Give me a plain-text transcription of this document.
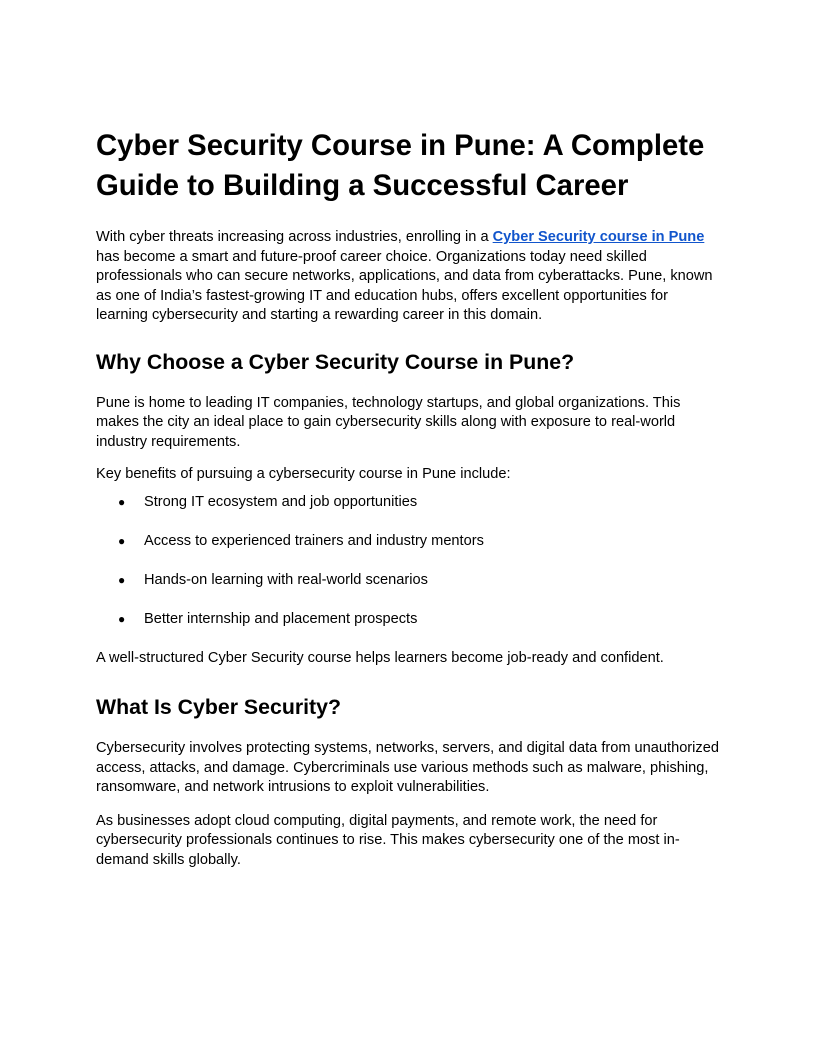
Cyber Security Course in Pune: A Complete Guide to Building a Successful Career

With cyber threats increasing across industries, enrolling in a Cyber Security course in Pune has become a smart and future-proof career choice. Organizations today need skilled professionals who can secure networks, applications, and data from cyberattacks. Pune, known as one of India’s fastest-growing IT and education hubs, offers excellent opportunities for learning cybersecurity and starting a rewarding career in this domain.

Why Choose a Cyber Security Course in Pune?

Pune is home to leading IT companies, technology startups, and global organizations. This makes the city an ideal place to gain cybersecurity skills along with exposure to real-world industry requirements.

Key benefits of pursuing a cybersecurity course in Pune include:

● Strong IT ecosystem and job opportunities
● Access to experienced trainers and industry mentors
● Hands-on learning with real-world scenarios
● Better internship and placement prospects

A well-structured Cyber Security course helps learners become job-ready and confident.

What Is Cyber Security?

Cybersecurity involves protecting systems, networks, servers, and digital data from unauthorized access, attacks, and damage. Cybercriminals use various methods such as malware, phishing, ransomware, and network intrusions to exploit vulnerabilities.

As businesses adopt cloud computing, digital payments, and remote work, the need for cybersecurity professionals continues to rise. This makes cybersecurity one of the most in-demand skills globally.
